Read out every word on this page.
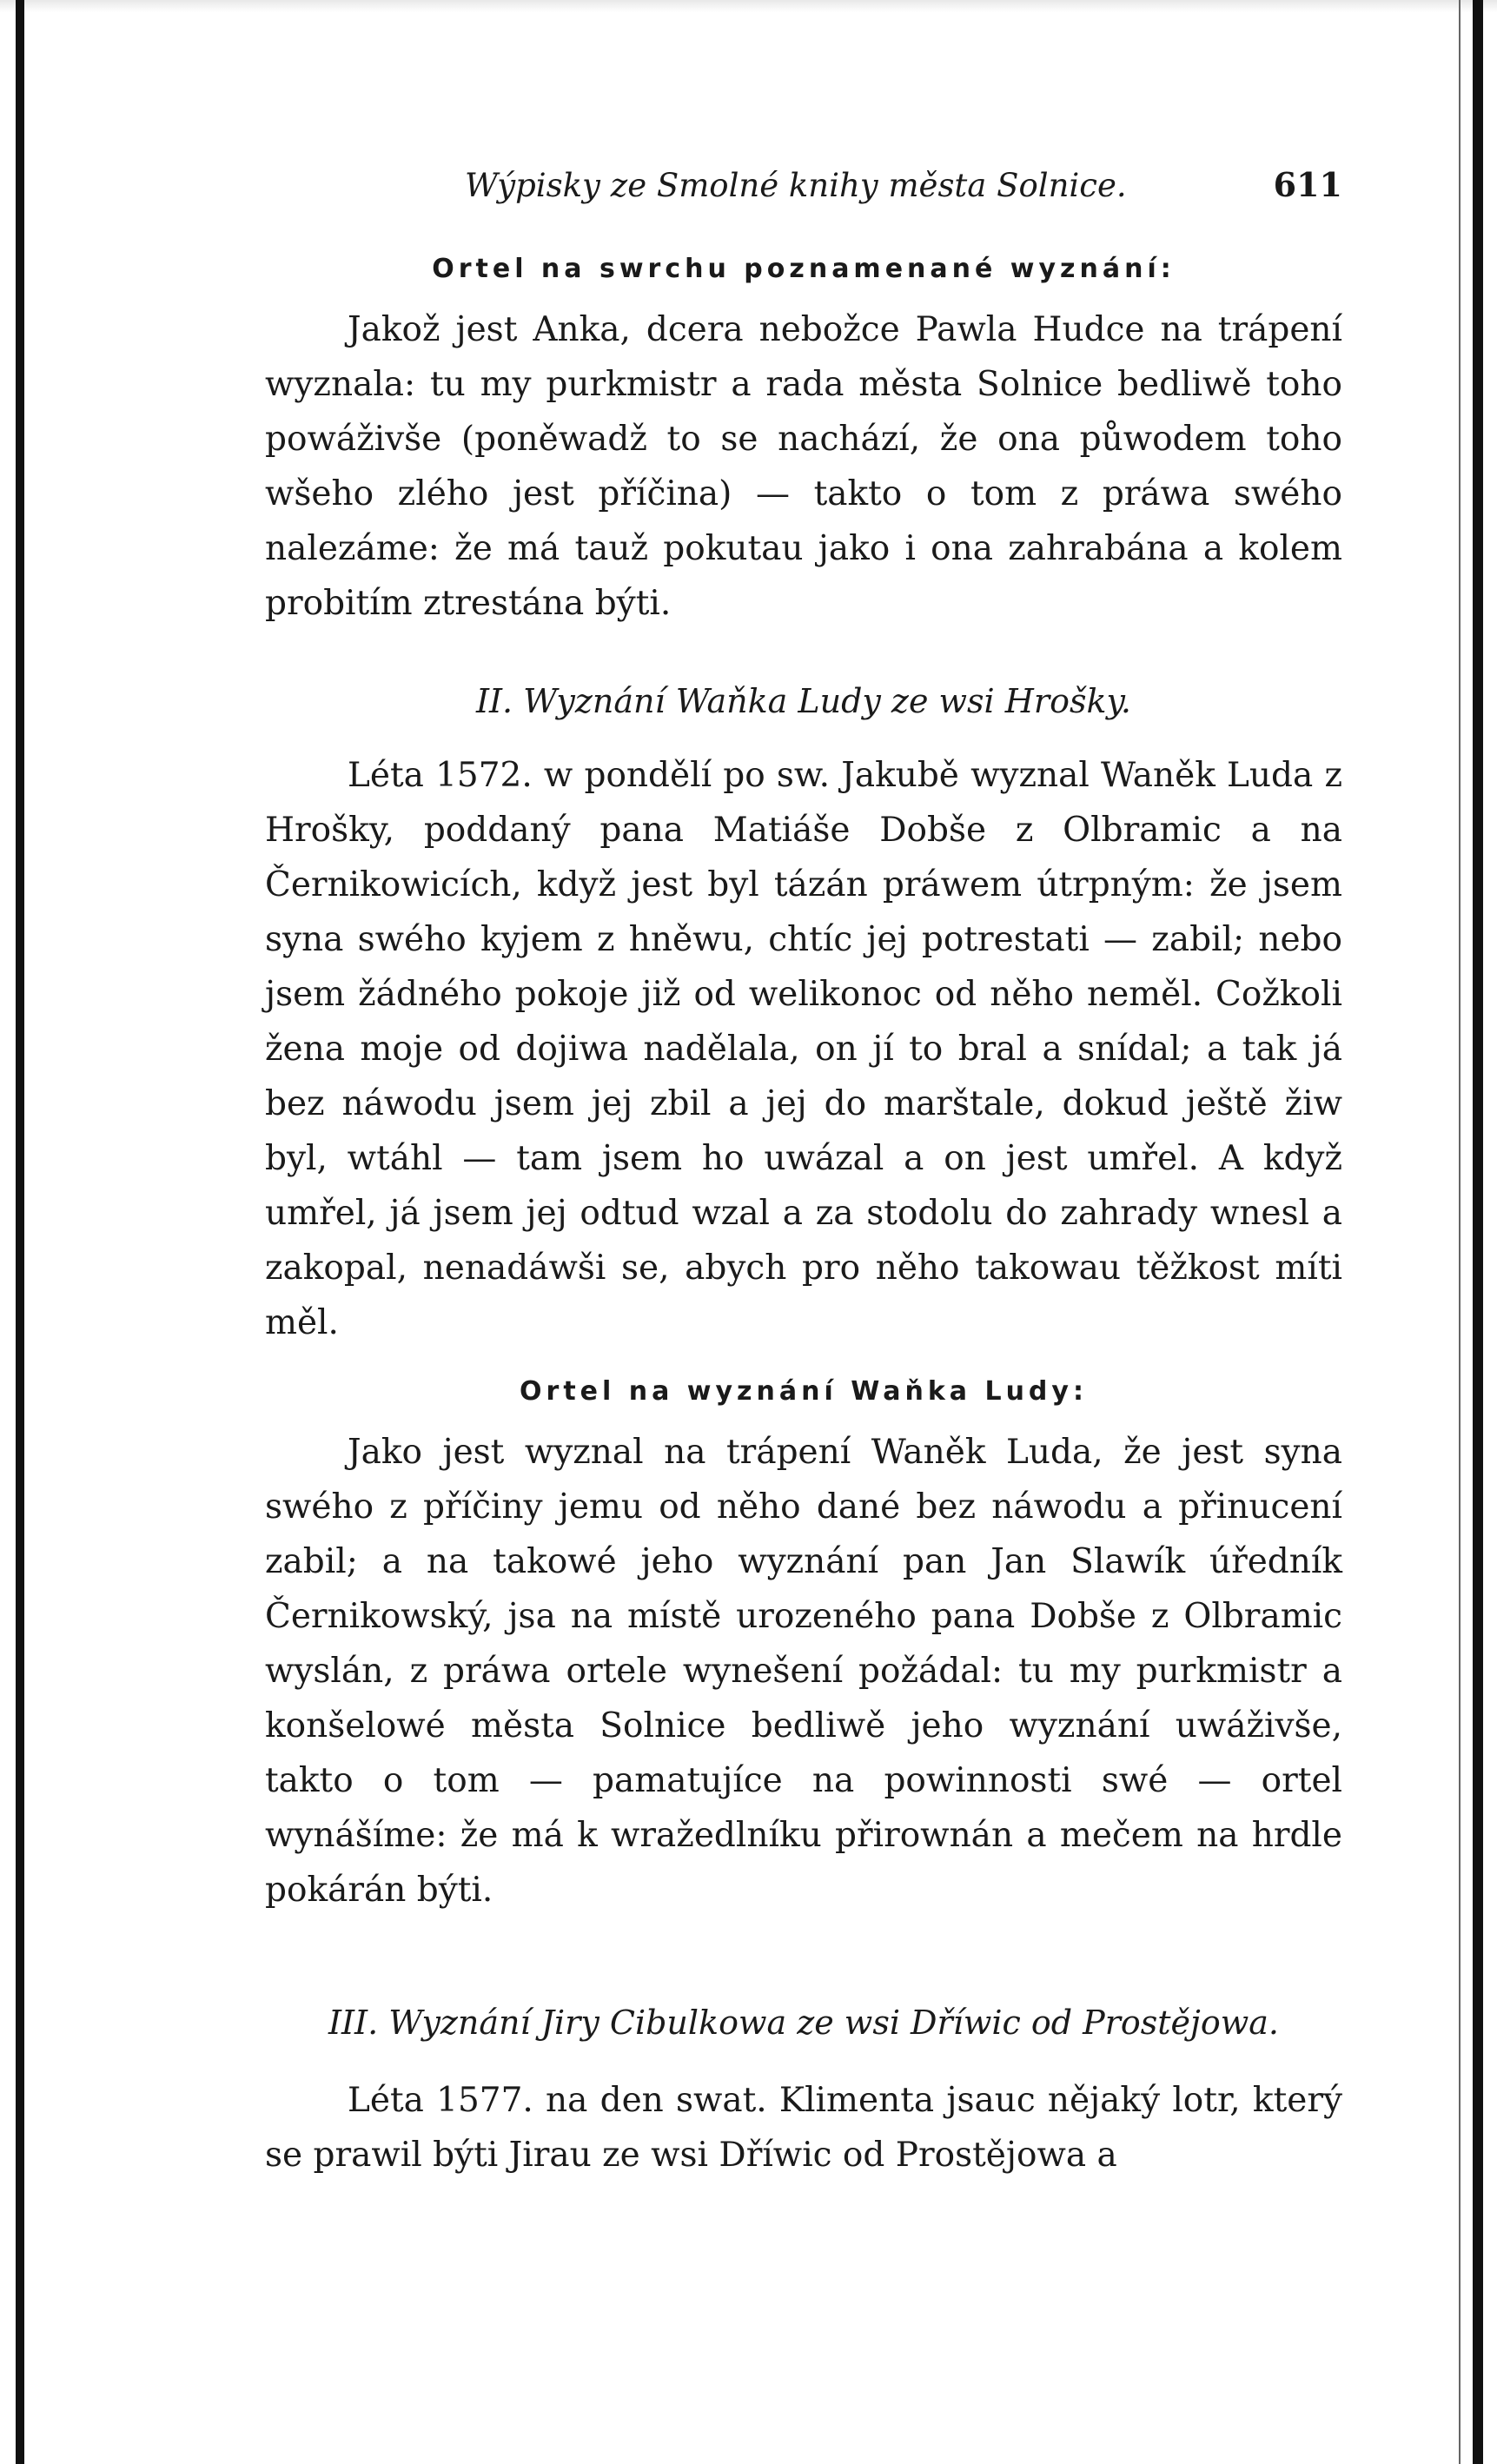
Wýpisky ze Smolné knihy města Solnice.	611

Ortel na swrchu poznamenané wyznání:

Jakož jest Anka, dcera nebožce Pawla Hudce na trápení wyznala: tu my purkmistr a rada města Solnice bedliwě toho powáživše (poněwadž to se nachází, že ona půwodem toho wšeho zlého jest příčina) — takto o tom z práwa swého nalezáme: že má tauž pokutau jako i ona zahrabána a kolem probitím ztrestána býti.

II. Wyznání Waňka Ludy ze wsi Hrošky.

Léta 1572. w pondělí po sw. Jakubě wyznal Waněk Luda z Hrošky, poddaný pana Matiáše Dobše z Olbramic a na Černikowicích, když jest byl tázán práwem útrpným: že jsem syna swého kyjem z hněwu, chtíc jej potrestati — zabil; nebo jsem žádného pokoje již od welikonoc od něho neměl. Cožkoli žena moje od dojiwa nadělala, on jí to bral a snídal; a tak já bez náwodu jsem jej zbil a jej do marštale, dokud ještě žiw byl, wtáhl — tam jsem ho uwázal a on jest umřel. A když umřel, já jsem jej odtud wzal a za stodolu do zahrady wnesl a zakopal, nenadáwši se, abych pro něho takowau těžkost míti měl.

Ortel na wyznání Waňka Ludy:

Jako jest wyznal na trápení Waněk Luda, že jest syna swého z příčiny jemu od něho dané bez náwodu a přinucení zabil; a na takowé jeho wyznání pan Jan Slawík úředník Černikowský, jsa na místě urozeného pana Dobše z Olbramic wyslán, z práwa ortele wynešení požádal: tu my purkmistr a konšelowé města Solnice bedliwě jeho wyznání uwáživše, takto o tom — pamatujíce na powinnosti swé — ortel wynášíme: že má k wražedlníku přirownán a mečem na hrdle pokárán býti.

III. Wyznání Jiry Cibulkowa ze wsi Dříwic od Prostějowa.

Léta 1577. na den swat. Klimenta jsauc nějaký lotr, který se prawil býti Jirau ze wsi Dříwic od Prostějowa a
